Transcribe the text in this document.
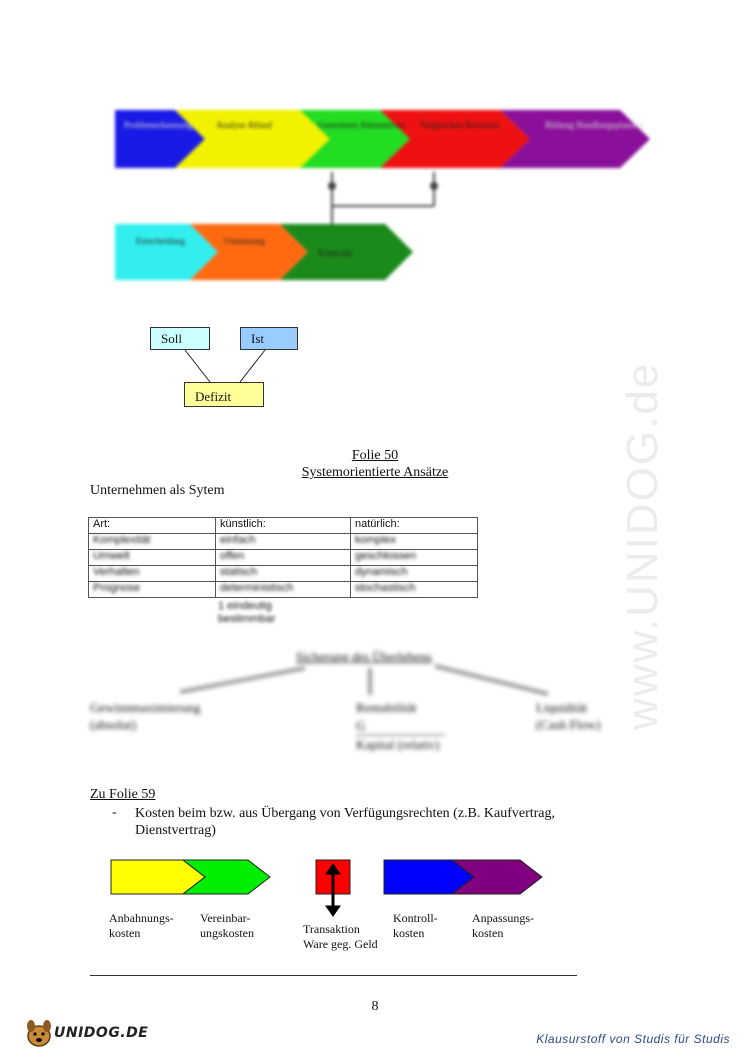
www.UNIDOG.de
Problemerkennung	Analyse Ablauf	Generieren Alternativen Vergleichen Bewerten	Bildung Handlungsplanung
Entscheidung	Umsetzung
Kontrolle
Soll	Ist
Defizit
Folie 50
Systemorientierte Ansätze
Unternehmen als Sytem
Art:	künstlich:	natürlich:
Komplexität	einfach	komplex
Umwelt	offen	geschlossen
Verhalten	statisch	dynamisch
Prognose	deterministisch	stochastisch
1 eindeutig bestimmbar
Sicherung des Überlebens
Gewinnmaximierung
(absolut)
Rentabilität
G
Kapital (relativ)
Liquidität
(Cash Flow)
Zu Folie 59
- Kosten beim bzw. aus Übergang von Verfügungsrechten (z.B. Kaufvertrag, Dienstvertrag)
Anbahnungs-
kosten
Vereinbar-
ungskosten	Transaktion
Ware geg. Geld
Kontroll-
kosten
Anpassungs-
kosten
8
UNIDOG.DE	Klausurstoff von Studis für Studis
